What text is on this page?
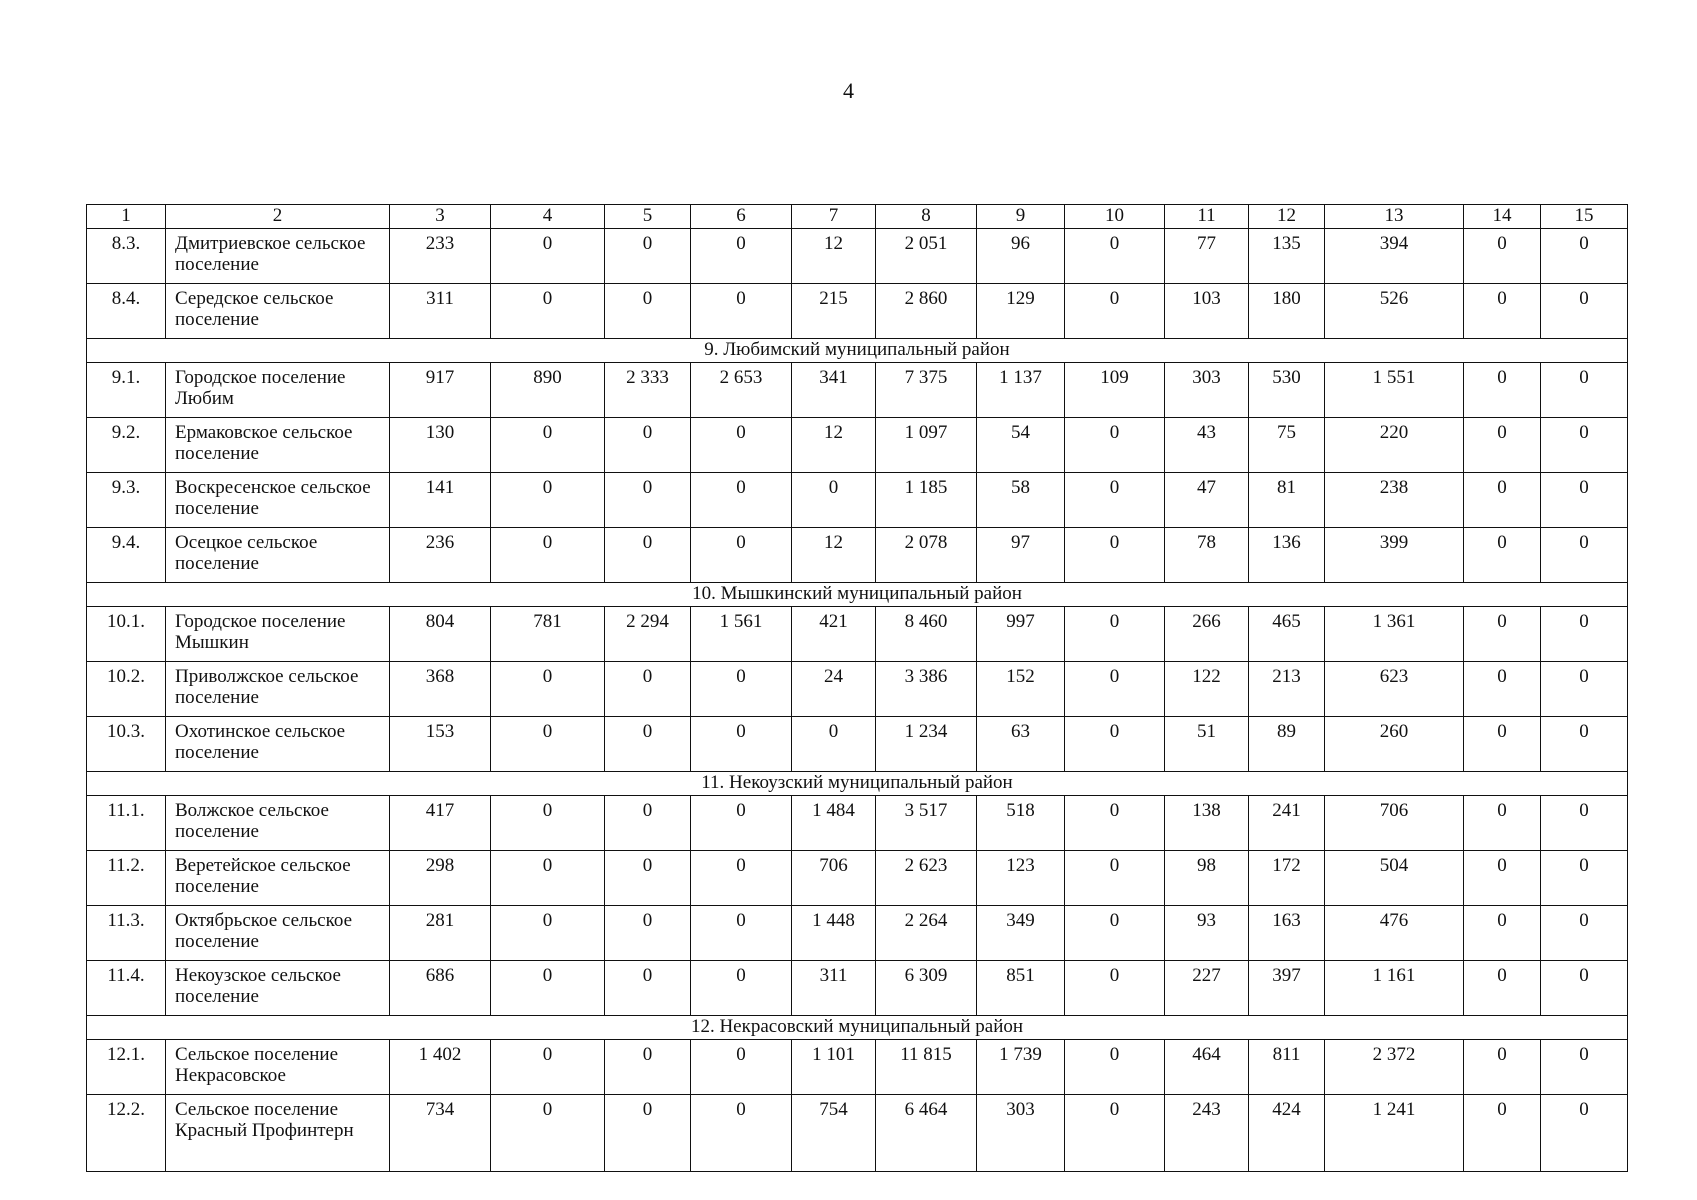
4
1	2	3	4	5	6	7	8	9	10	11	12	13	14	15
8.3.	Дмитриевское сельское поселение	233	0	0	0	12	2 051	96	0	77	135	394	0	0
8.4.	Середское сельское поселение	311	0	0	0	215	2 860	129	0	103	180	526	0	0
9. Любимский муниципальный район														
9.1.	Городское поселение Любим	917	890	2 333	2 653	341	7 375	1 137	109	303	530	1 551	0	0
9.2.	Ермаковское сельское поселение	130	0	0	0	12	1 097	54	0	43	75	220	0	0
9.3.	Воскресенское сельское поселение	141	0	0	0	0	1 185	58	0	47	81	238	0	0
9.4.	Осецкое сельское поселение	236	0	0	0	12	2 078	97	0	78	136	399	0	0
10. Мышкинский муниципальный район														
10.1.	Городское поселение Мышкин	804	781	2 294	1 561	421	8 460	997	0	266	465	1 361	0	0
10.2.	Приволжское сельское поселение	368	0	0	0	24	3 386	152	0	122	213	623	0	0
10.3.	Охотинское сельское поселение	153	0	0	0	0	1 234	63	0	51	89	260	0	0
11. Некоузский муниципальный район														
11.1.	Волжское сельское поселение	417	0	0	0	1 484	3 517	518	0	138	241	706	0	0
11.2.	Веретейское сельское поселение	298	0	0	0	706	2 623	123	0	98	172	504	0	0
11.3.	Октябрьское сельское поселение	281	0	0	0	1 448	2 264	349	0	93	163	476	0	0
11.4.	Некоузское сельское поселение	686	0	0	0	311	6 309	851	0	227	397	1 161	0	0
12. Некрасовский муниципальный район														
12.1.	Сельское поселение Некрасовское	1 402	0	0	0	1 101	11 815	1 739	0	464	811	2 372	0	0
12.2.	Сельское поселение Красный Профинтерн	734	0	0	0	754	6 464	303	0	243	424	1 241	0	0
